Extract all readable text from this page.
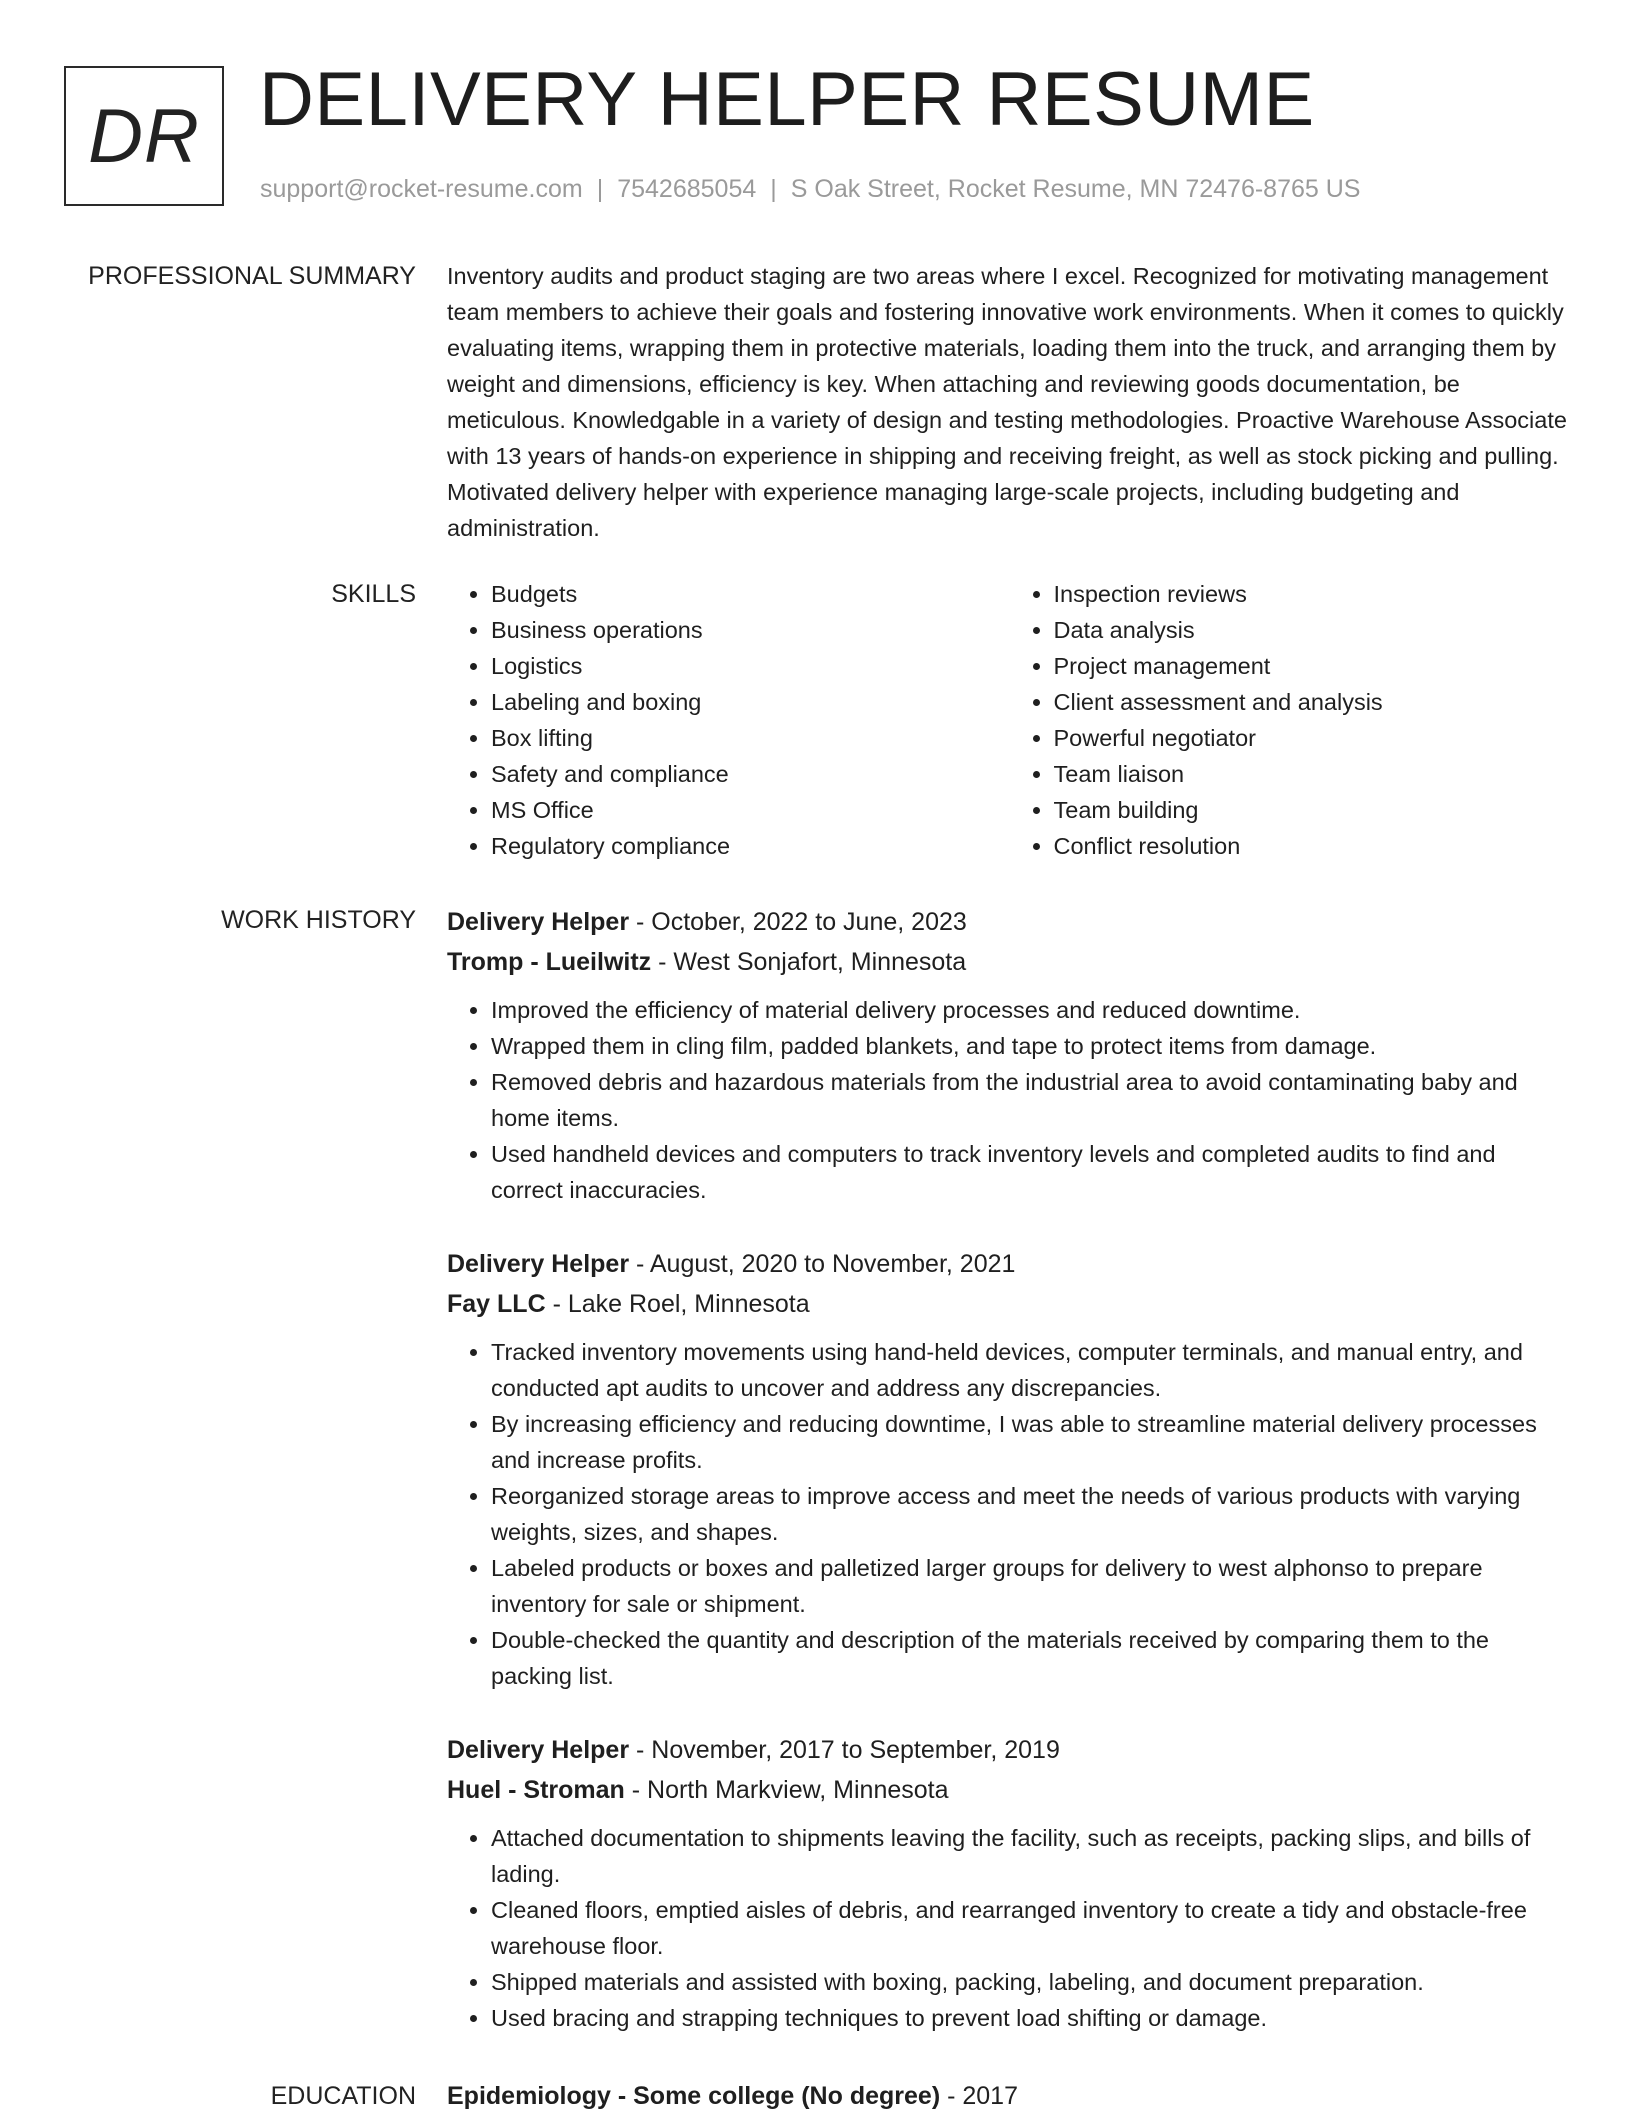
DR DELIVERY HELPER RESUME
support@rocket-resume.com | 7542685054 | S Oak Street, Rocket Resume, MN 72476-8765 US
PROFESSIONAL SUMMARY Inventory audits and product staging are two areas where I excel. Recognized for motivating management team members to achieve their goals and fostering innovative work environments. When it comes to quickly evaluating items, wrapping them in protective materials, loading them into the truck, and arranging them by weight and dimensions, efficiency is key. When attaching and reviewing goods documentation, be meticulous. Knowledgable in a variety of design and testing methodologies. Proactive Warehouse Associate with 13 years of hands-on experience in shipping and receiving freight, as well as stock picking and pulling. Motivated delivery helper with experience managing large-scale projects, including budgeting and administration.
SKILLS
•	Budgets
• Business operations
• Logistics
• Labeling and boxing
• Box lifting
• Safety and compliance
• MS Office
• Regulatory compliance
• Inspection reviews
• Data analysis
• Project management
• Client assessment and analysis
• Powerful negotiator
• Team liaison
• Team building
• Conflict resolution
WORK HISTORY Delivery Helper - October, 2022 to June, 2023
Tromp - Lueilwitz - West Sonjafort, Minnesota
• Improved the efficiency of material delivery processes and reduced downtime.
• Wrapped them in cling film, padded blankets, and tape to protect items from damage.
• Removed debris and hazardous materials from the industrial area to avoid contaminating baby and home items.
• Used handheld devices and computers to track inventory levels and completed audits to find and correct inaccuracies.
Delivery Helper - August, 2020 to November, 2021
Fay LLC - Lake Roel, Minnesota
• Tracked inventory movements using hand-held devices, computer terminals, and manual entry, and conducted apt audits to uncover and address any discrepancies.
• By increasing efficiency and reducing downtime, I was able to streamline material delivery processes and increase profits.
• Reorganized storage areas to improve access and meet the needs of various products with varying weights, sizes, and shapes.
• Labeled products or boxes and palletized larger groups for delivery to west alphonso to prepare inventory for sale or shipment.
• Double-checked the quantity and description of the materials received by comparing them to the packing list.
Delivery Helper - November, 2017 to September, 2019
Huel - Stroman - North Markview, Minnesota
• Attached documentation to shipments leaving the facility, such as receipts, packing slips, and bills of lading.
• Cleaned floors, emptied aisles of debris, and rearranged inventory to create a tidy and obstacle-free warehouse floor.
• Shipped materials and assisted with boxing, packing, labeling, and document preparation.
• Used bracing and strapping techniques to prevent load shifting or damage.
EDUCATION Epidemiology - Some college (No degree) - 2017
